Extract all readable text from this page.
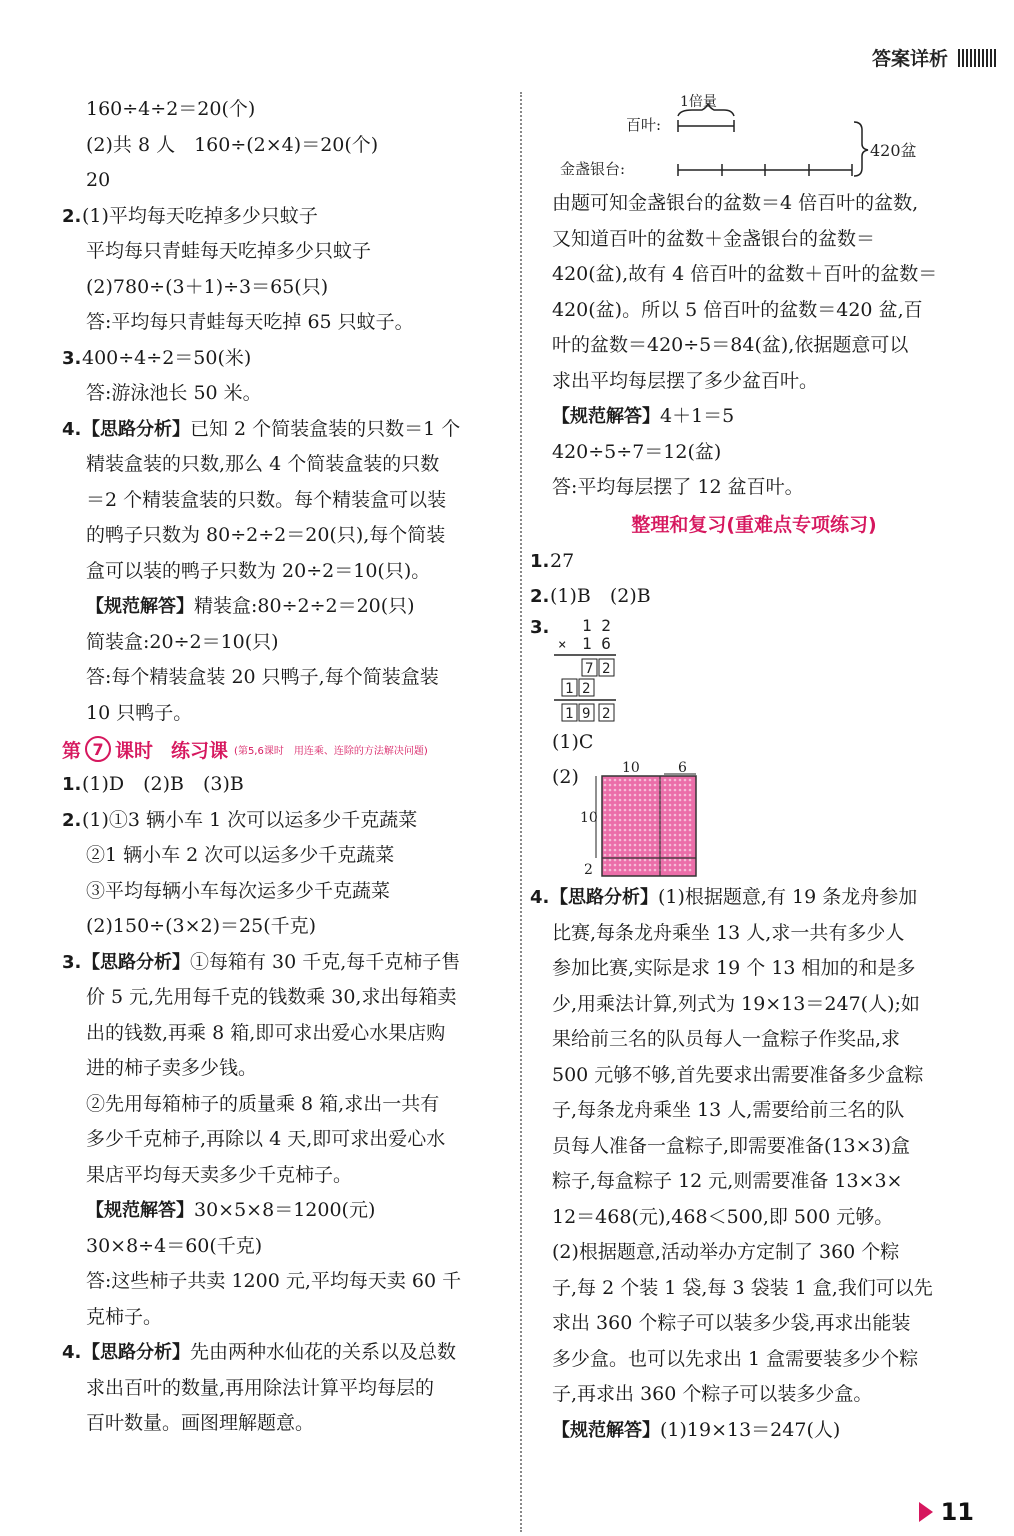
答案详析
160÷4÷2＝20(个)
(2)共 8 人　160÷(2×4)＝20(个)
20
2.(1)平均每天吃掉多少只蚊子
平均每只青蛙每天吃掉多少只蚊子
(2)780÷(3＋1)÷3＝65(只)
答:平均每只青蛙每天吃掉 65 只蚊子。
3.400÷4÷2＝50(米)
答:游泳池长 50 米。
4.【思路分析】已知 2 个简装盒装的只数＝1 个
精装盒装的只数,那么 4 个简装盒装的只数
＝2 个精装盒装的只数。每个精装盒可以装
的鸭子只数为 80÷2÷2＝20(只),每个简装
盒可以装的鸭子只数为 20÷2＝10(只)。
【规范解答】精装盒:80÷2÷2＝20(只)
简装盒:20÷2＝10(只)
答:每个精装盒装 20 只鸭子,每个简装盒装
10 只鸭子。
第 7 课时 练习课 (第5,6课时　用连乘、连除的方法解决问题)
1.(1)D　(2)B　(3)B
2.(1)①3 辆小车 1 次可以运多少千克蔬菜
②1 辆小车 2 次可以运多少千克蔬菜
③平均每辆小车每次运多少千克蔬菜
(2)150÷(3×2)＝25(千克)
3.【思路分析】①每箱有 30 千克,每千克柿子售
价 5 元,先用每千克的钱数乘 30,求出每箱卖
出的钱数,再乘 8 箱,即可求出爱心水果店购
进的柿子卖多少钱。
②先用每箱柿子的质量乘 8 箱,求出一共有
多少千克柿子,再除以 4 天,即可求出爱心水
果店平均每天卖多少千克柿子。
【规范解答】30×5×8＝1200(元)
30×8÷4＝60(千克)
答:这些柿子共卖 1200 元,平均每天卖 60 千
克柿子。
4.【思路分析】先由两种水仙花的关系以及总数
求出百叶的数量,再用除法计算平均每层的
百叶数量。画图理解题意。
1倍量
百叶:
金盏银台:
420盆
由题可知金盏银台的盆数＝4 倍百叶的盆数,
又知道百叶的盆数＋金盏银台的盆数＝
420(盆),故有 4 倍百叶的盆数＋百叶的盆数＝
420(盆)。所以 5 倍百叶的盆数＝420 盆,百
叶的盆数＝420÷5＝84(盆),依据题意可以
求出平均每层摆了多少盆百叶。
【规范解答】4＋1＝5
420÷5÷7＝12(盆)
答:平均每层摆了 12 盆百叶。
整理和复习(重难点专项练习)
1.27
2.(1)B　(2)B
3. 1 2
× 1 6
7 2
1 2
1 9 2
(1)C
(2)	10	6
10
2
4.【思路分析】(1)根据题意,有 19 条龙舟参加
比赛,每条龙舟乘坐 13 人,求一共有多少人
参加比赛,实际是求 19 个 13 相加的和是多
少,用乘法计算,列式为 19×13＝247(人);如
果给前三名的队员每人一盒粽子作奖品,求
500 元够不够,首先要求出需要准备多少盒粽
子,每条龙舟乘坐 13 人,需要给前三名的队
员每人准备一盒粽子,即需要准备(13×3)盒
粽子,每盒粽子 12 元,则需要准备 13×3×
12＝468(元),468＜500,即 500 元够。
(2)根据题意,活动举办方定制了 360 个粽
子,每 2 个装 1 袋,每 3 袋装 1 盒,我们可以先
求出 360 个粽子可以装多少袋,再求出能装
多少盒。也可以先求出 1 盒需要装多少个粽
子,再求出 360 个粽子可以装多少盒。
【规范解答】(1)19×13＝247(人)
11
